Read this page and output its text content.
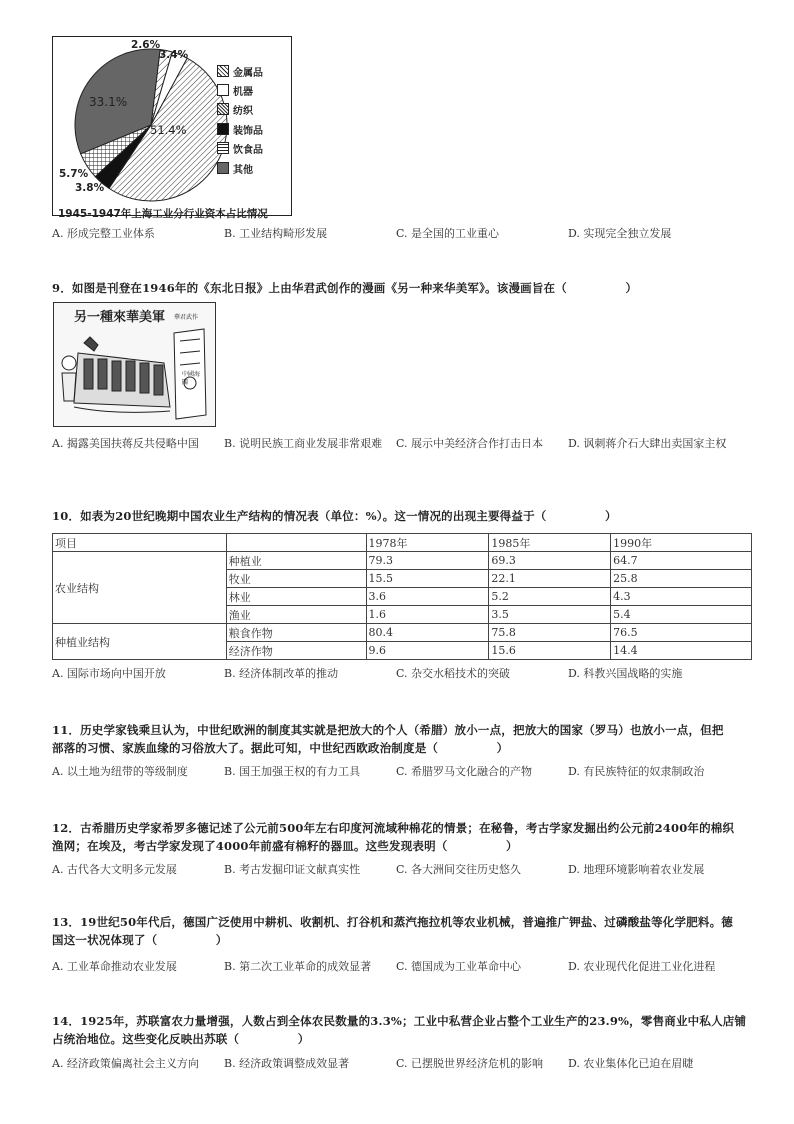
2.6%
3.4%
51.4%
3.8%
5.7%
33.1%
金属品
机器
纺织
装饰品
饮食品
其他
1945-1947年上海工业分行业资本占比情况
A. 形成完整工业体系	B. 工业结构畸形发展	C. 是全国的工业重心	D. 实现完全独立发展
9．如图是刊登在1946年的《东北日报》上由华君武创作的漫画《另一种来华美军》。该漫画旨在（　　　　　）
另一種來華美軍 華君武作
中國海關
A. 揭露美国扶蒋反共侵略中国	B. 说明民族工商业发展非常艰难	C. 展示中美经济合作打击日本	D. 讽刺蒋介石大肆出卖国家主权
10．如表为20世纪晚期中国农业生产结构的情况表（单位：%）。这一情况的出现主要得益于（　　　　　）
项目		1978年	1985年	1990年
农业结构	种植业	79.3	69.3	64.7
	牧业	15.5	22.1	25.8
	林业	3.6	5.2	4.3
	渔业	1.6	3.5	5.4
种植业结构	粮食作物	80.4	75.8	76.5
	经济作物	9.6	15.6	14.4
A. 国际市场向中国开放	B. 经济体制改革的推动	C. 杂交水稻技术的突破	D. 科教兴国战略的实施
11．历史学家钱乘旦认为，中世纪欧洲的制度其实就是把放大的个人（希腊）放小一点，把放大的国家（罗马）也放小一点，但把
部落的习惯、家族血缘的习俗放大了。据此可知，中世纪西欧政治制度是（　　　　　）
A. 以土地为纽带的等级制度	B. 国王加强王权的有力工具	C. 希腊罗马文化融合的产物	D. 有民族特征的奴隶制政治
12．古希腊历史学家希罗多德记述了公元前500年左右印度河流域种棉花的情景；在秘鲁，考古学家发掘出约公元前2400年的棉织
渔网；在埃及，考古学家发现了4000年前盛有棉籽的器皿。这些发现表明（　　　　　）
A. 古代各大文明多元发展	B. 考古发掘印证文献真实性	C. 各大洲间交往历史悠久	D. 地理环境影响着农业发展
13．19世纪50年代后，德国广泛使用中耕机、收割机、打谷机和蒸汽拖拉机等农业机械，普遍推广钾盐、过磷酸盐等化学肥料。德
国这一状况体现了（　　　　　）
A. 工业革命推动农业发展	B. 第二次工业革命的成效显著	C. 德国成为工业革命中心	D. 农业现代化促进工业化进程
14．1925年，苏联富农力量增强，人数占到全体农民数量的3.3%；工业中私营企业占整个工业生产的23.9%，零售商业中私人店铺
占统治地位。这些变化反映出苏联（　　　　　）
A. 经济政策偏离社会主义方向	B. 经济政策调整成效显著	C. 已摆脱世界经济危机的影响	D. 农业集体化已迫在眉睫
